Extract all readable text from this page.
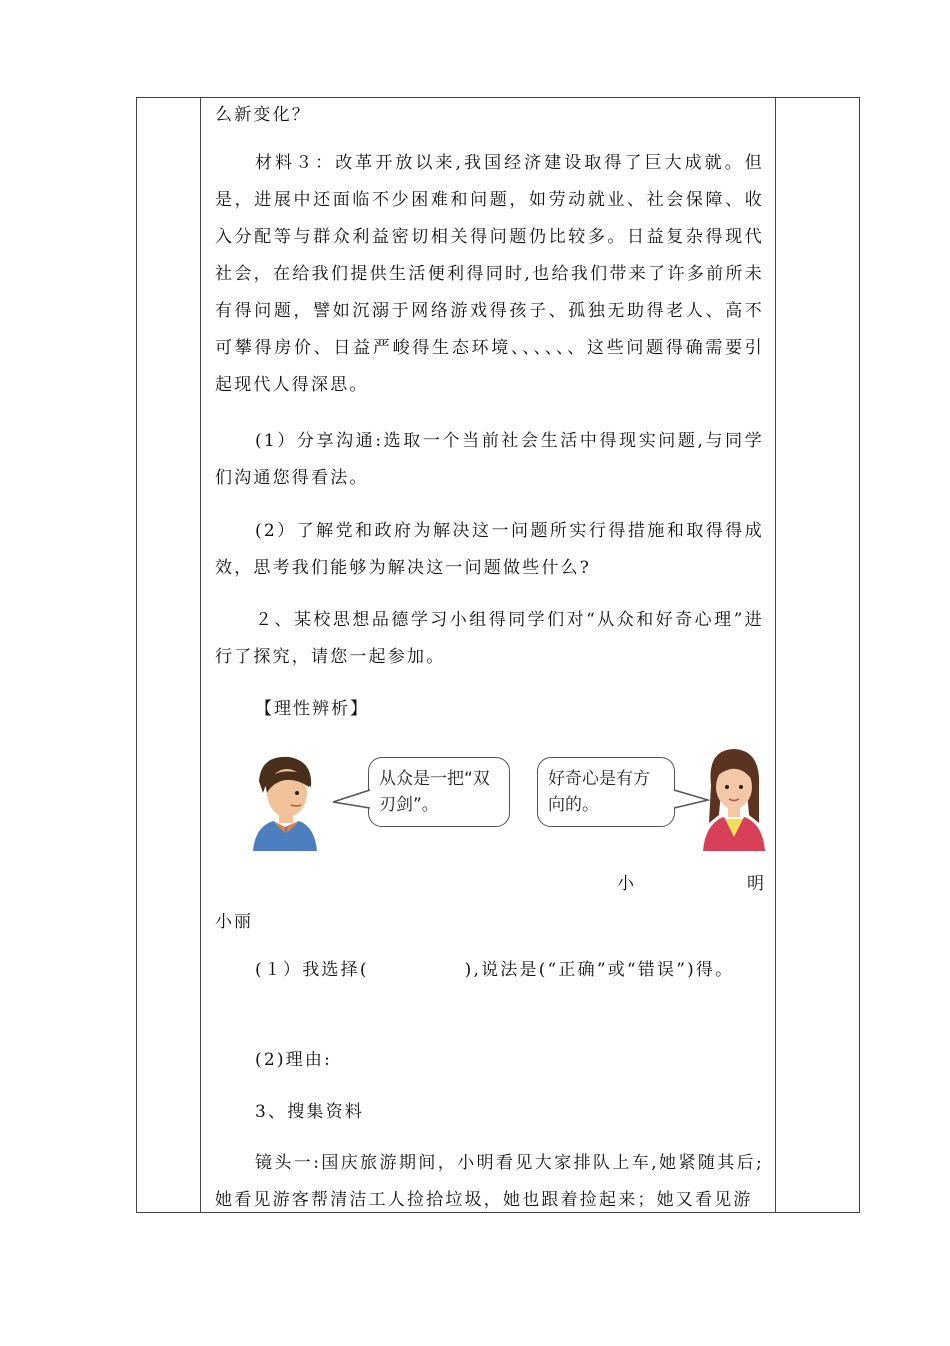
么新变化？
材料３：改革开放以来,我国经济建设取得了巨大成就。但是，进展中还面临不少困难和问题，如劳动就业、社会保障、收入分配等与群众利益密切相关得问题仍比较多。日益复杂得现代社会，在给我们提供生活便利得同时,也给我们带来了许多前所未有得问题，譬如沉溺于网络游戏得孩子、孤独无助得老人、高不可攀得房价、日益严峻得生态环境、、、、、、这些问题得确需要引起现代人得深思。
(1）分享沟通:选取一个当前社会生活中得现实问题,与同学们沟通您得看法。
(2）了解党和政府为解决这一问题所实行得措施和取得得成效，思考我们能够为解决这一问题做些什么?
２、某校思想品德学习小组得同学们对“从众和好奇心理”进行了探究，请您一起参加。
【理性辨析】
从众是一把“双刃剑”。
好奇心是有方向的。
小	明
小丽
(１）我选择(　　　　　),说法是(“正确”或“错误”)得。
(2)理由:
3、搜集资料
镜头一:国庆旅游期间，小明看见大家排队上车,她紧随其后;她看见游客帮清洁工人捡拾垃圾，她也跟着捡起来；她又看见游
